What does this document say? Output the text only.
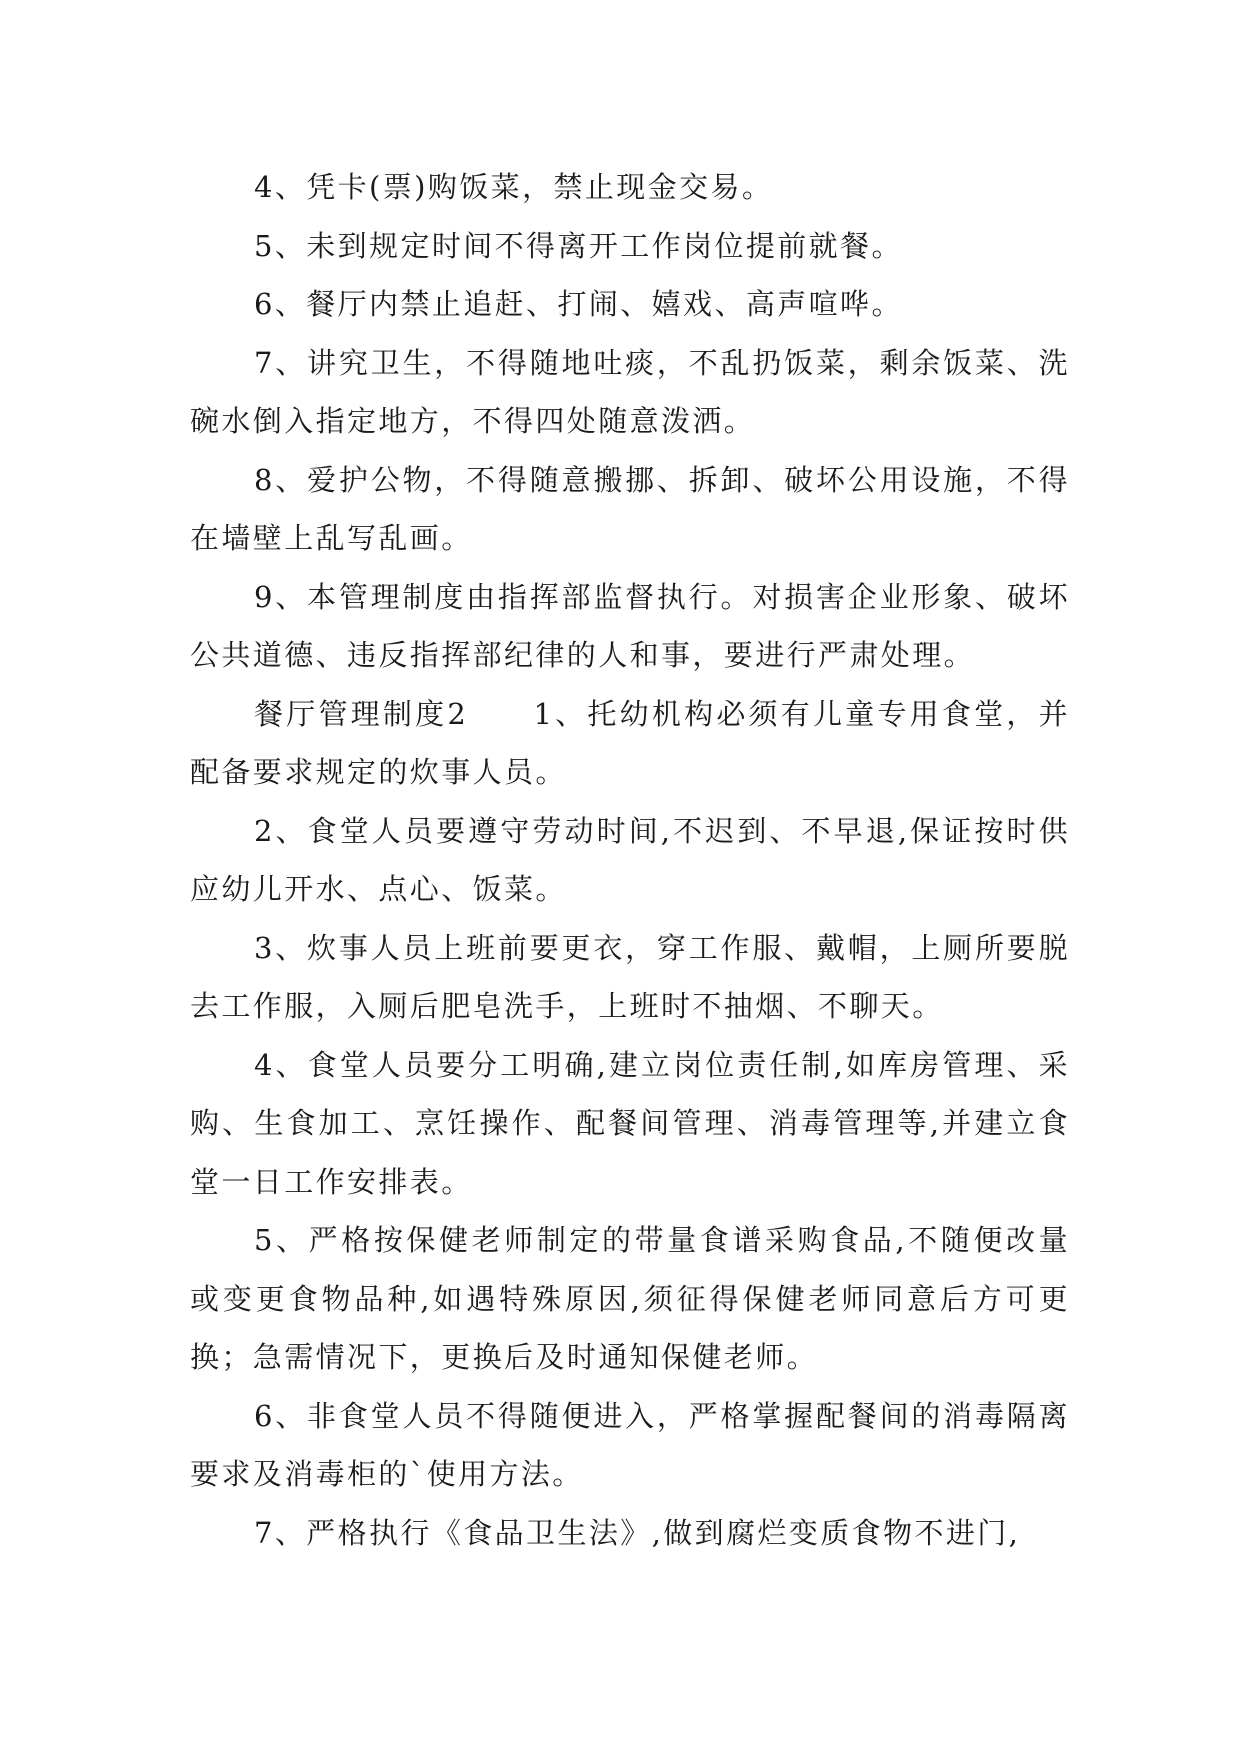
4、凭卡(票)购饭菜，禁止现金交易。

5、未到规定时间不得离开工作岗位提前就餐。

6、餐厅内禁止追赶、打闹、嬉戏、高声喧哗。

7、讲究卫生，不得随地吐痰，不乱扔饭菜，剩余饭菜、洗碗水倒入指定地方，不得四处随意泼洒。

8、爱护公物，不得随意搬挪、拆卸、破坏公用设施，不得在墙壁上乱写乱画。

9、本管理制度由指挥部监督执行。对损害企业形象、破坏公共道德、违反指挥部纪律的人和事，要进行严肃处理。

餐厅管理制度2　　1、托幼机构必须有儿童专用食堂，并配备要求规定的炊事人员。

2、食堂人员要遵守劳动时间,不迟到、不早退,保证按时供应幼儿开水、点心、饭菜。

3、炊事人员上班前要更衣，穿工作服、戴帽，上厕所要脱去工作服，入厕后肥皂洗手，上班时不抽烟、不聊天。

4、食堂人员要分工明确,建立岗位责任制,如库房管理、采购、生食加工、烹饪操作、配餐间管理、消毒管理等,并建立食堂一日工作安排表。

5、严格按保健老师制定的带量食谱采购食品,不随便改量或变更食物品种,如遇特殊原因,须征得保健老师同意后方可更换；急需情况下，更换后及时通知保健老师。

6、非食堂人员不得随便进入，严格掌握配餐间的消毒隔离要求及消毒柜的`使用方法。

7、严格执行《食品卫生法》,做到腐烂变质食物不进门,
